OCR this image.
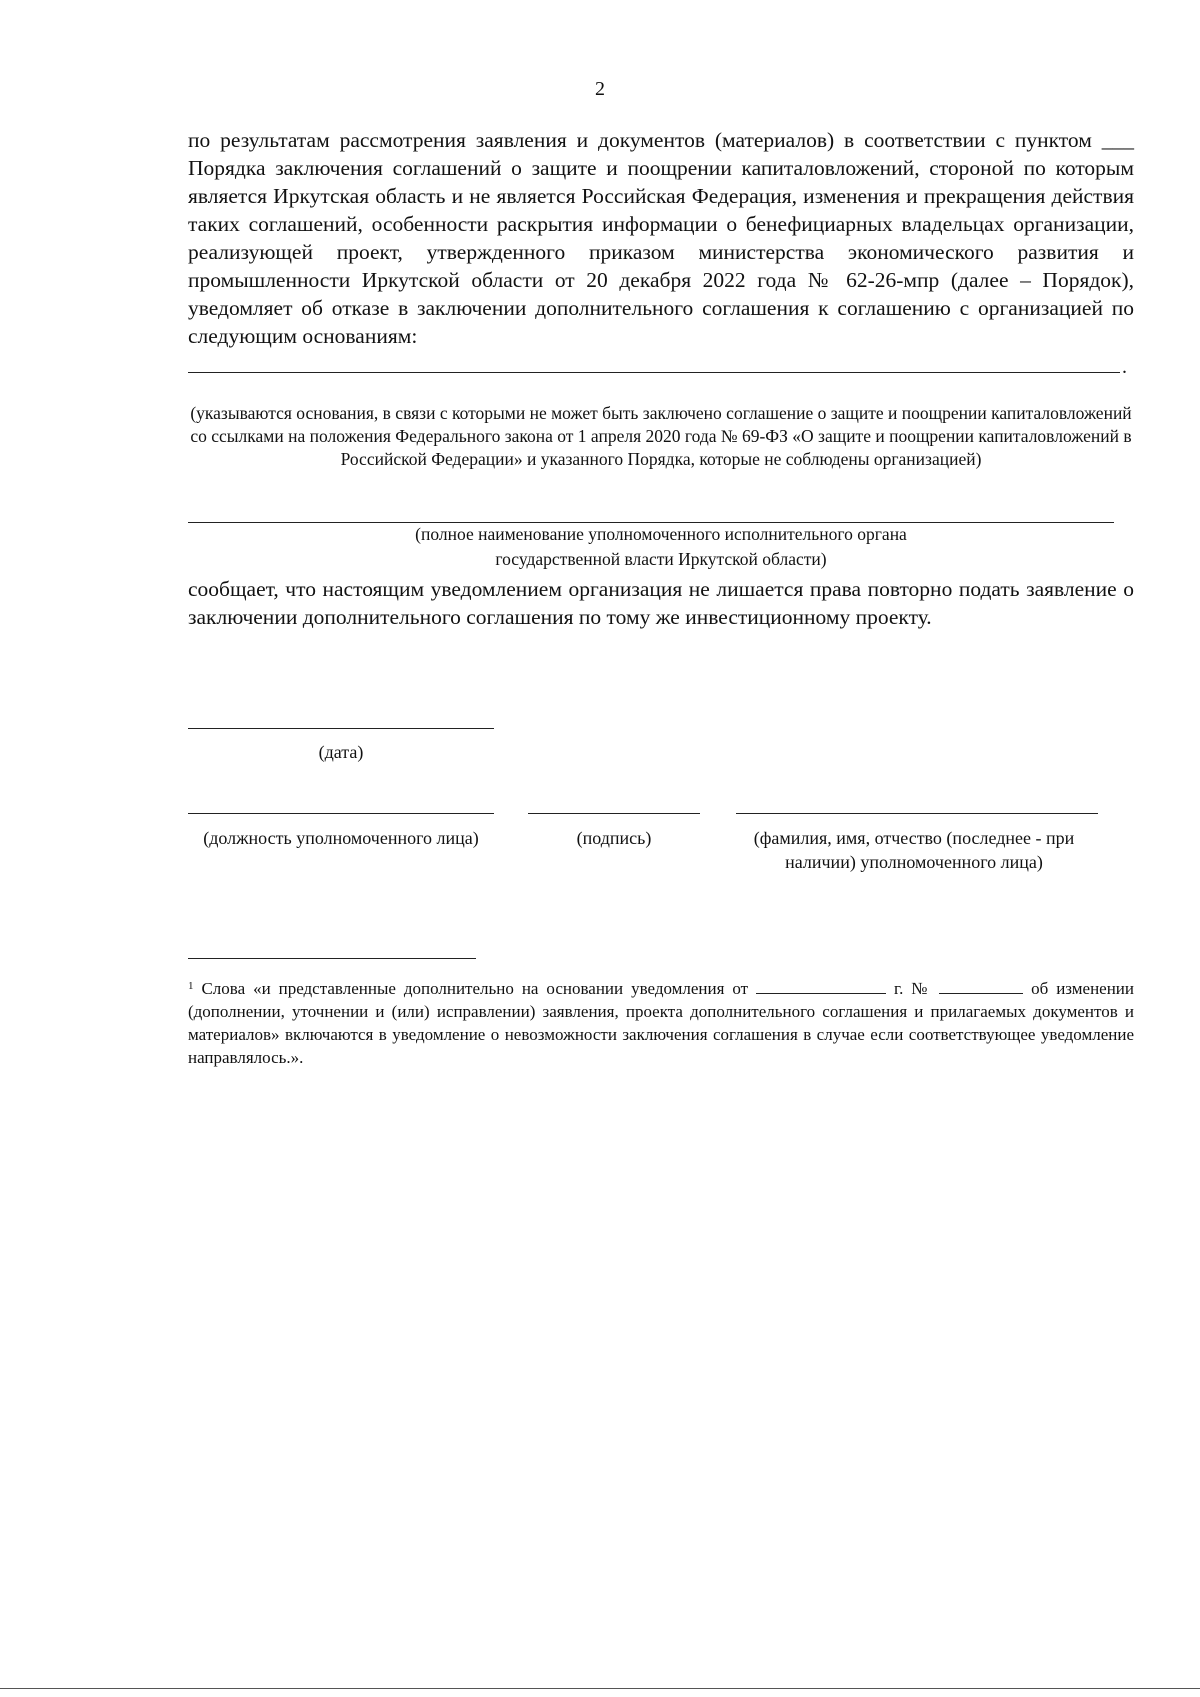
2
по результатам рассмотрения заявления и документов (материалов) в соответствии с пунктом ___ Порядка заключения соглашений о защите и поощрении капиталовложений, стороной по которым является Иркутская область и не является Российская Федерация, изменения и прекращения действия таких соглашений, особенности раскрытия информации о бенефициарных владельцах организации, реализующей проект, утвержденного приказом министерства экономического развития и промышленности Иркутской области от 20 декабря 2022 года № 62-26-мпр (далее – Порядок), уведомляет об отказе в заключении дополнительного соглашения к соглашению с организацией по следующим основаниям:
.
(указываются основания, в связи с которыми не может быть заключено соглашение о защите и поощрении капиталовложений со ссылками на положения Федерального закона от 1 апреля 2020 года № 69-ФЗ «О защите и поощрении капиталовложений в Российской Федерации» и указанного Порядка, которые не соблюдены организацией)
(полное наименование уполномоченного исполнительного органа
государственной власти Иркутской области)
сообщает, что настоящим уведомлением организация не лишается права повторно подать заявление о заключении дополнительного соглашения по тому же инвестиционному проекту.
(дата)
(должность уполномоченного лица)	(подпись)	(фамилия, имя, отчество (последнее - при наличии) уполномоченного лица)
$^1$ Слова «и представленные дополнительно на основании уведомления от	г. №	об изменении (дополнении, уточнении и (или) исправлении) заявления, проекта дополнительного соглашения и прилагаемых документов и материалов» включаются в уведомление о невозможности заключения соглашения в случае если соответствующее уведомление направлялось.».
